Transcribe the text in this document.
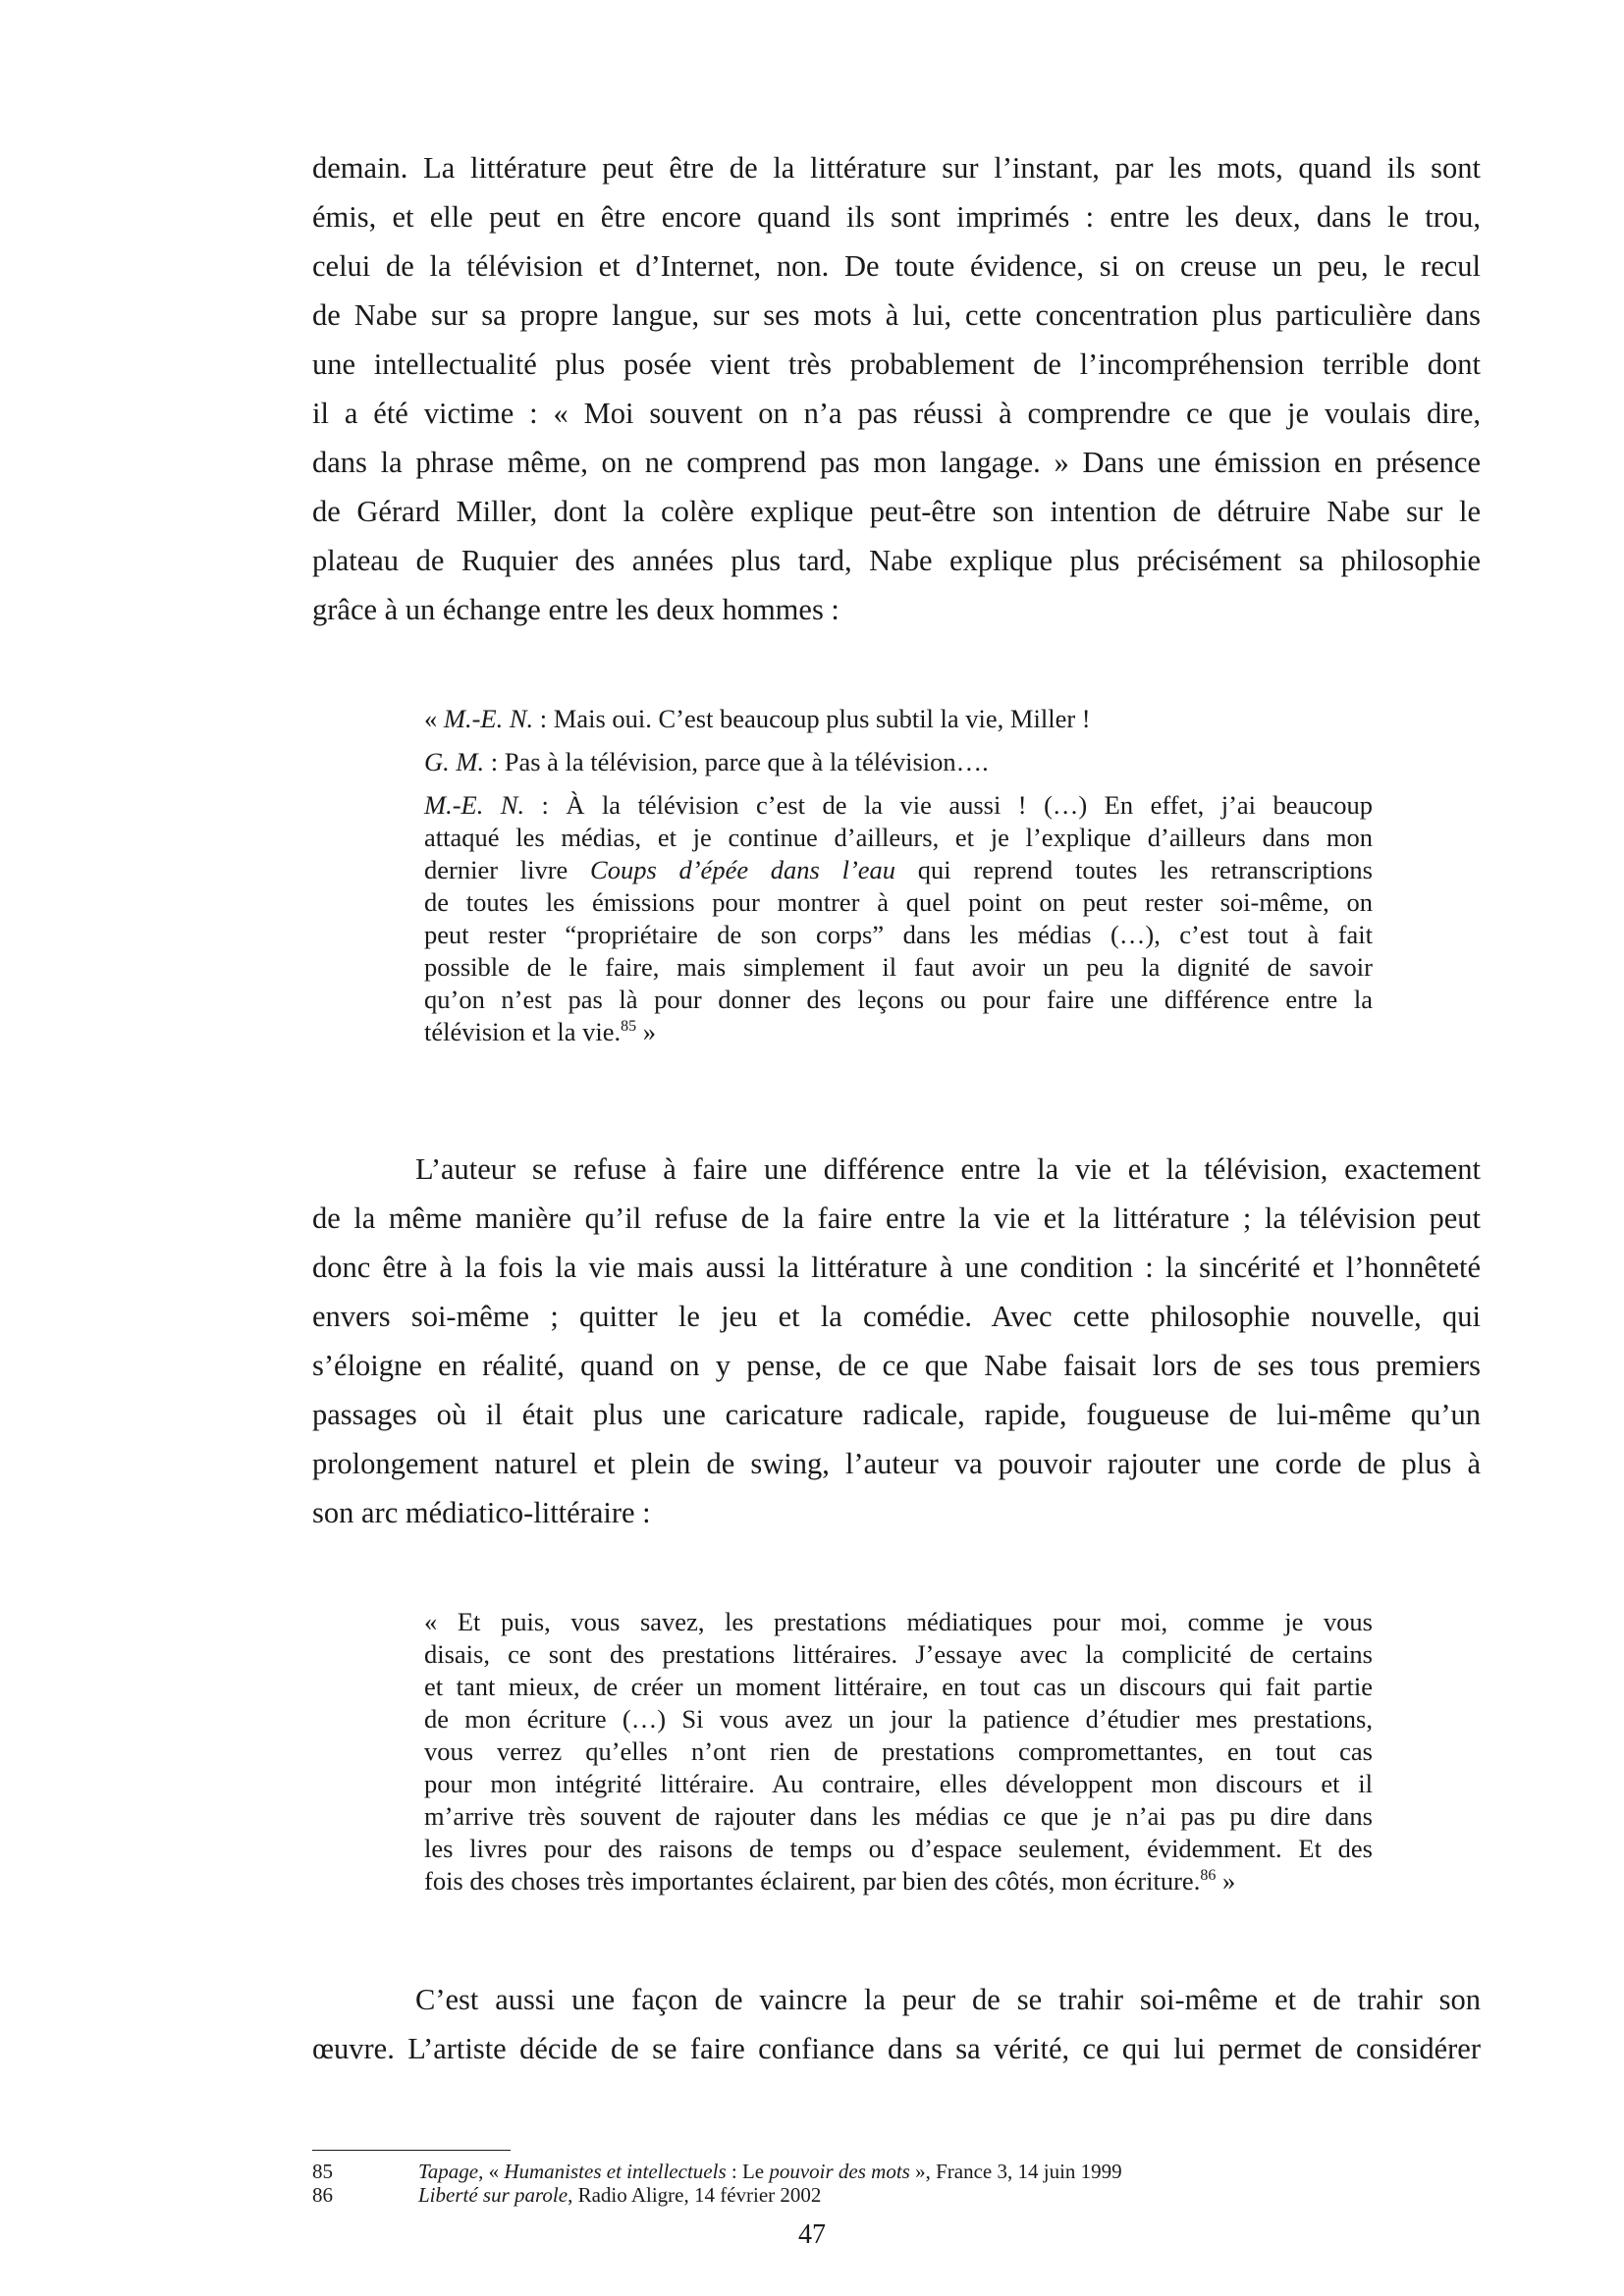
demain. La littérature peut être de la littérature sur l’instant, par les mots, quand ils sont
émis, et elle peut en être encore quand ils sont imprimés : entre les deux, dans le trou,
celui de la télévision et d’Internet, non. De toute évidence, si on creuse un peu, le recul
de Nabe sur sa propre langue, sur ses mots à lui, cette concentration plus particulière dans
une intellectualité plus posée vient très probablement de l’incompréhension terrible dont
il a été victime : « Moi souvent on n’a pas réussi à comprendre ce que je voulais dire,
dans la phrase même, on ne comprend pas mon langage. » Dans une émission en présence
de Gérard Miller, dont la colère explique peut-être son intention de détruire Nabe sur le
plateau de Ruquier des années plus tard, Nabe explique plus précisément sa philosophie
grâce à un échange entre les deux hommes :
« M.-E. N. : Mais oui. C’est beaucoup plus subtil la vie, Miller !
G. M. : Pas à la télévision, parce que à la télévision….
M.-E. N. : À la télévision c’est de la vie aussi ! (…) En effet, j’ai beaucoup
attaqué les médias, et je continue d’ailleurs, et je l’explique d’ailleurs dans mon
dernier livre Coups d’épée dans l’eau qui reprend toutes les retranscriptions
de toutes les émissions pour montrer à quel point on peut rester soi-même, on
peut rester “propriétaire de son corps” dans les médias (…), c’est tout à fait
possible de le faire, mais simplement il faut avoir un peu la dignité de savoir
qu’on n’est pas là pour donner des leçons ou pour faire une différence entre la
télévision et la vie.$^{85}$ »
L’auteur se refuse à faire une différence entre la vie et la télévision, exactement
de la même manière qu’il refuse de la faire entre la vie et la littérature ; la télévision peut
donc être à la fois la vie mais aussi la littérature à une condition : la sincérité et l’honnêteté
envers soi-même ; quitter le jeu et la comédie. Avec cette philosophie nouvelle, qui
s’éloigne en réalité, quand on y pense, de ce que Nabe faisait lors de ses tous premiers
passages où il était plus une caricature radicale, rapide, fougueuse de lui-même qu’un
prolongement naturel et plein de swing, l’auteur va pouvoir rajouter une corde de plus à
son arc médiatico-littéraire :
« Et puis, vous savez, les prestations médiatiques pour moi, comme je vous
disais, ce sont des prestations littéraires. J’essaye avec la complicité de certains
et tant mieux, de créer un moment littéraire, en tout cas un discours qui fait partie
de mon écriture (…) Si vous avez un jour la patience d’étudier mes prestations,
vous verrez qu’elles n’ont rien de prestations compromettantes, en tout cas
pour mon intégrité littéraire. Au contraire, elles développent mon discours et il
m’arrive très souvent de rajouter dans les médias ce que je n’ai pas pu dire dans
les livres pour des raisons de temps ou d’espace seulement, évidemment. Et des
fois des choses très importantes éclairent, par bien des côtés, mon écriture.$^{86}$ »
C’est aussi une façon de vaincre la peur de se trahir soi-même et de trahir son
œuvre. L’artiste décide de se faire confiance dans sa vérité, ce qui lui permet de considérer
85	Tapage, « Humanistes et intellectuels : Le pouvoir des mots », France 3, 14 juin 1999
86	Liberté sur parole, Radio Aligre, 14 février 2002
47
